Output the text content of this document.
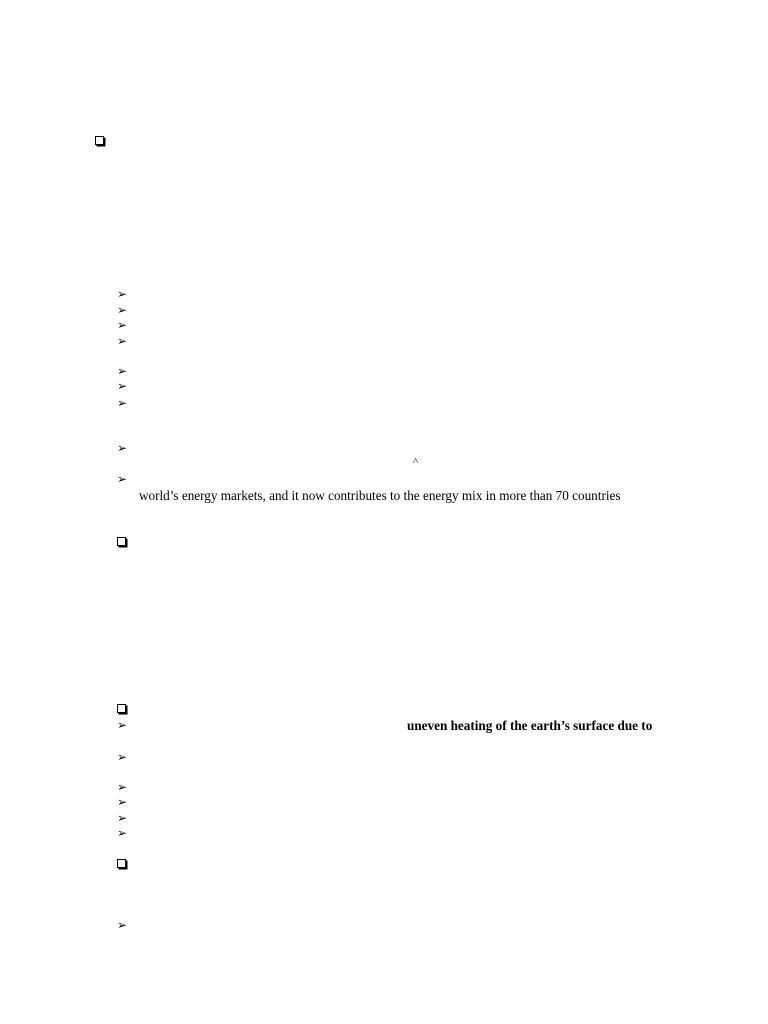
➢
➢
➢
➢
➢
➢
➢
➢
^
➢
world’s energy markets, and it now contributes to the energy mix in more than 70 countries
➢	uneven heating of the earth’s surface due to
➢
➢
➢
➢
➢
➢
